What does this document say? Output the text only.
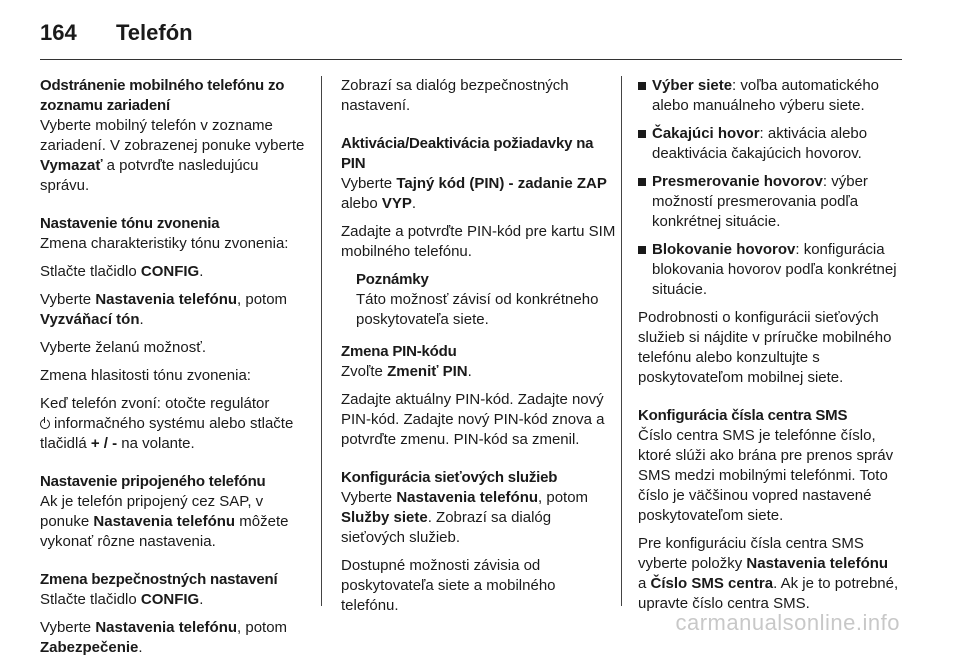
164 Telefón

Odstránenie mobilného telefónu zo zoznamu zariadení
Vyberte mobilný telefón v zozname zariadení. V zobrazenej ponuke vyberte Vymazať a potvrďte nasledujúcu správu.

Nastavenie tónu zvonenia
Zmena charakteristiky tónu zvonenia:

Stlačte tlačidlo CONFIG.

Vyberte Nastavenia telefónu, potom Vyzváňací tón.

Vyberte želanú možnosť.

Zmena hlasitosti tónu zvonenia:

Keď telefón zvoní: otočte regulátor
informačného systému alebo stlačte tlačidlá + / - na volante.

Nastavenie pripojeného telefónu
Ak je telefón pripojený cez SAP, v ponuke Nastavenia telefónu môžete vykonať rôzne nastavenia.

Zmena bezpečnostných nastavení
Stlačte tlačidlo CONFIG.

Vyberte Nastavenia telefónu, potom Zabezpečenie.

Zobrazí sa dialóg bezpečnostných nastavení.

Aktivácia/Deaktivácia požiadavky na PIN
Vyberte Tajný kód (PIN) - zadanie ZAP alebo VYP.

Zadajte a potvrďte PIN-kód pre kartu SIM mobilného telefónu.

Poznámky
Táto možnosť závisí od konkrétneho poskytovateľa siete.

Zmena PIN-kódu
Zvoľte Zmeniť PIN.

Zadajte aktuálny PIN-kód. Zadajte nový PIN-kód. Zadajte nový PIN-kód znova a potvrďte zmenu. PIN-kód sa zmenil.

Konfigurácia sieťových služieb
Vyberte Nastavenia telefónu, potom Služby siete. Zobrazí sa dialóg sieťových služieb.

Dostupné možnosti závisia od poskytovateľa siete a mobilného telefónu.

Výber siete: voľba automatického alebo manuálneho výberu siete.
Čakajúci hovor: aktivácia alebo deaktivácia čakajúcich hovorov.
Presmerovanie hovorov: výber možností presmerovania podľa konkrétnej situácie.
Blokovanie hovorov: konfigurácia blokovania hovorov podľa konkrétnej situácie.

Podrobnosti o konfigurácii sieťových služieb si nájdite v príručke mobilného telefónu alebo konzultujte s poskytovateľom mobilnej siete.

Konfigurácia čísla centra SMS
Číslo centra SMS je telefónne číslo, ktoré slúži ako brána pre prenos správ SMS medzi mobilnými telefónmi. Toto číslo je väčšinou vopred nastavené poskytovateľom siete.

Pre konfiguráciu čísla centra SMS vyberte položky Nastavenia telefónu
a Číslo SMS centra. Ak je to potrebné, upravte číslo centra SMS.

carmanualsonline.info
